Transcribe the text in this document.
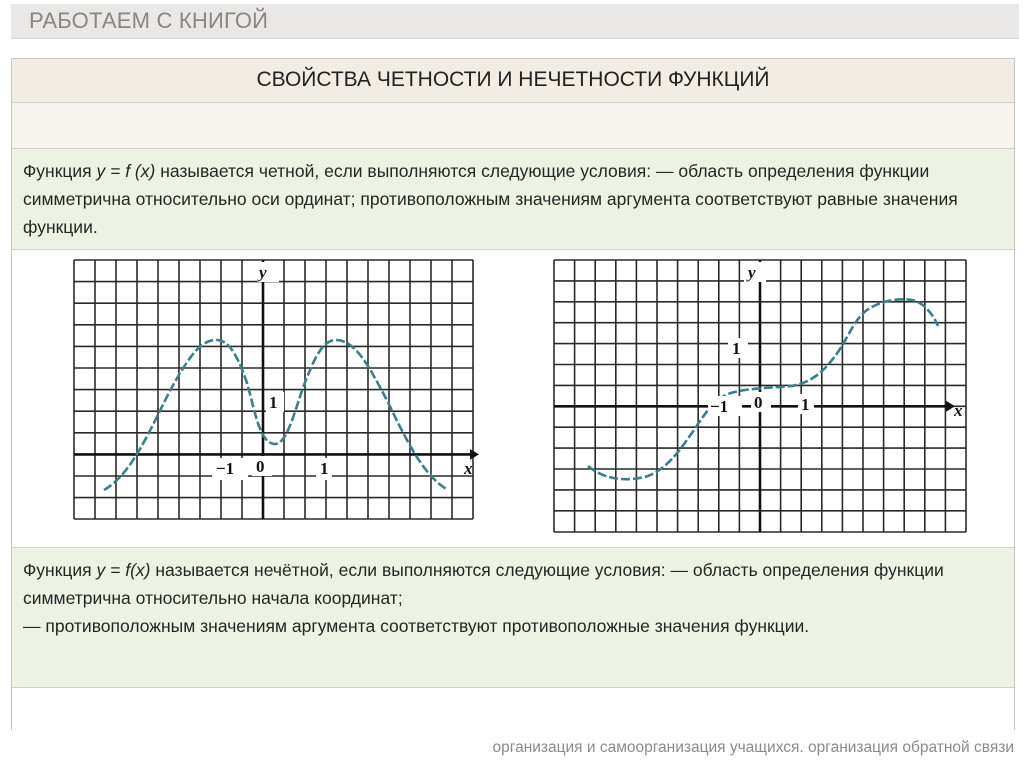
РАБОТАЕМ С КНИГОЙ
СВОЙСТВА ЧЕТНОСТИ И НЕЧЕТНОСТИ ФУНКЦИЙ
Функция y = f (x) называется четной, если выполняются следующие условия: — область определения функции симметрична относительно оси ординат; противоположным значениям аргумента соответствуют равные значения функции.
y
1
0
−1	1	x
y
1
0
−1	1	x
Функция y = f(x) называется нечётной, если выполняются следующие условия: — область определения функции симметрична относительно начала координат;
— противоположным значениям аргумента соответствуют противоположные значения функции.
организация и самоорганизация учащихся. организация обратной связи
